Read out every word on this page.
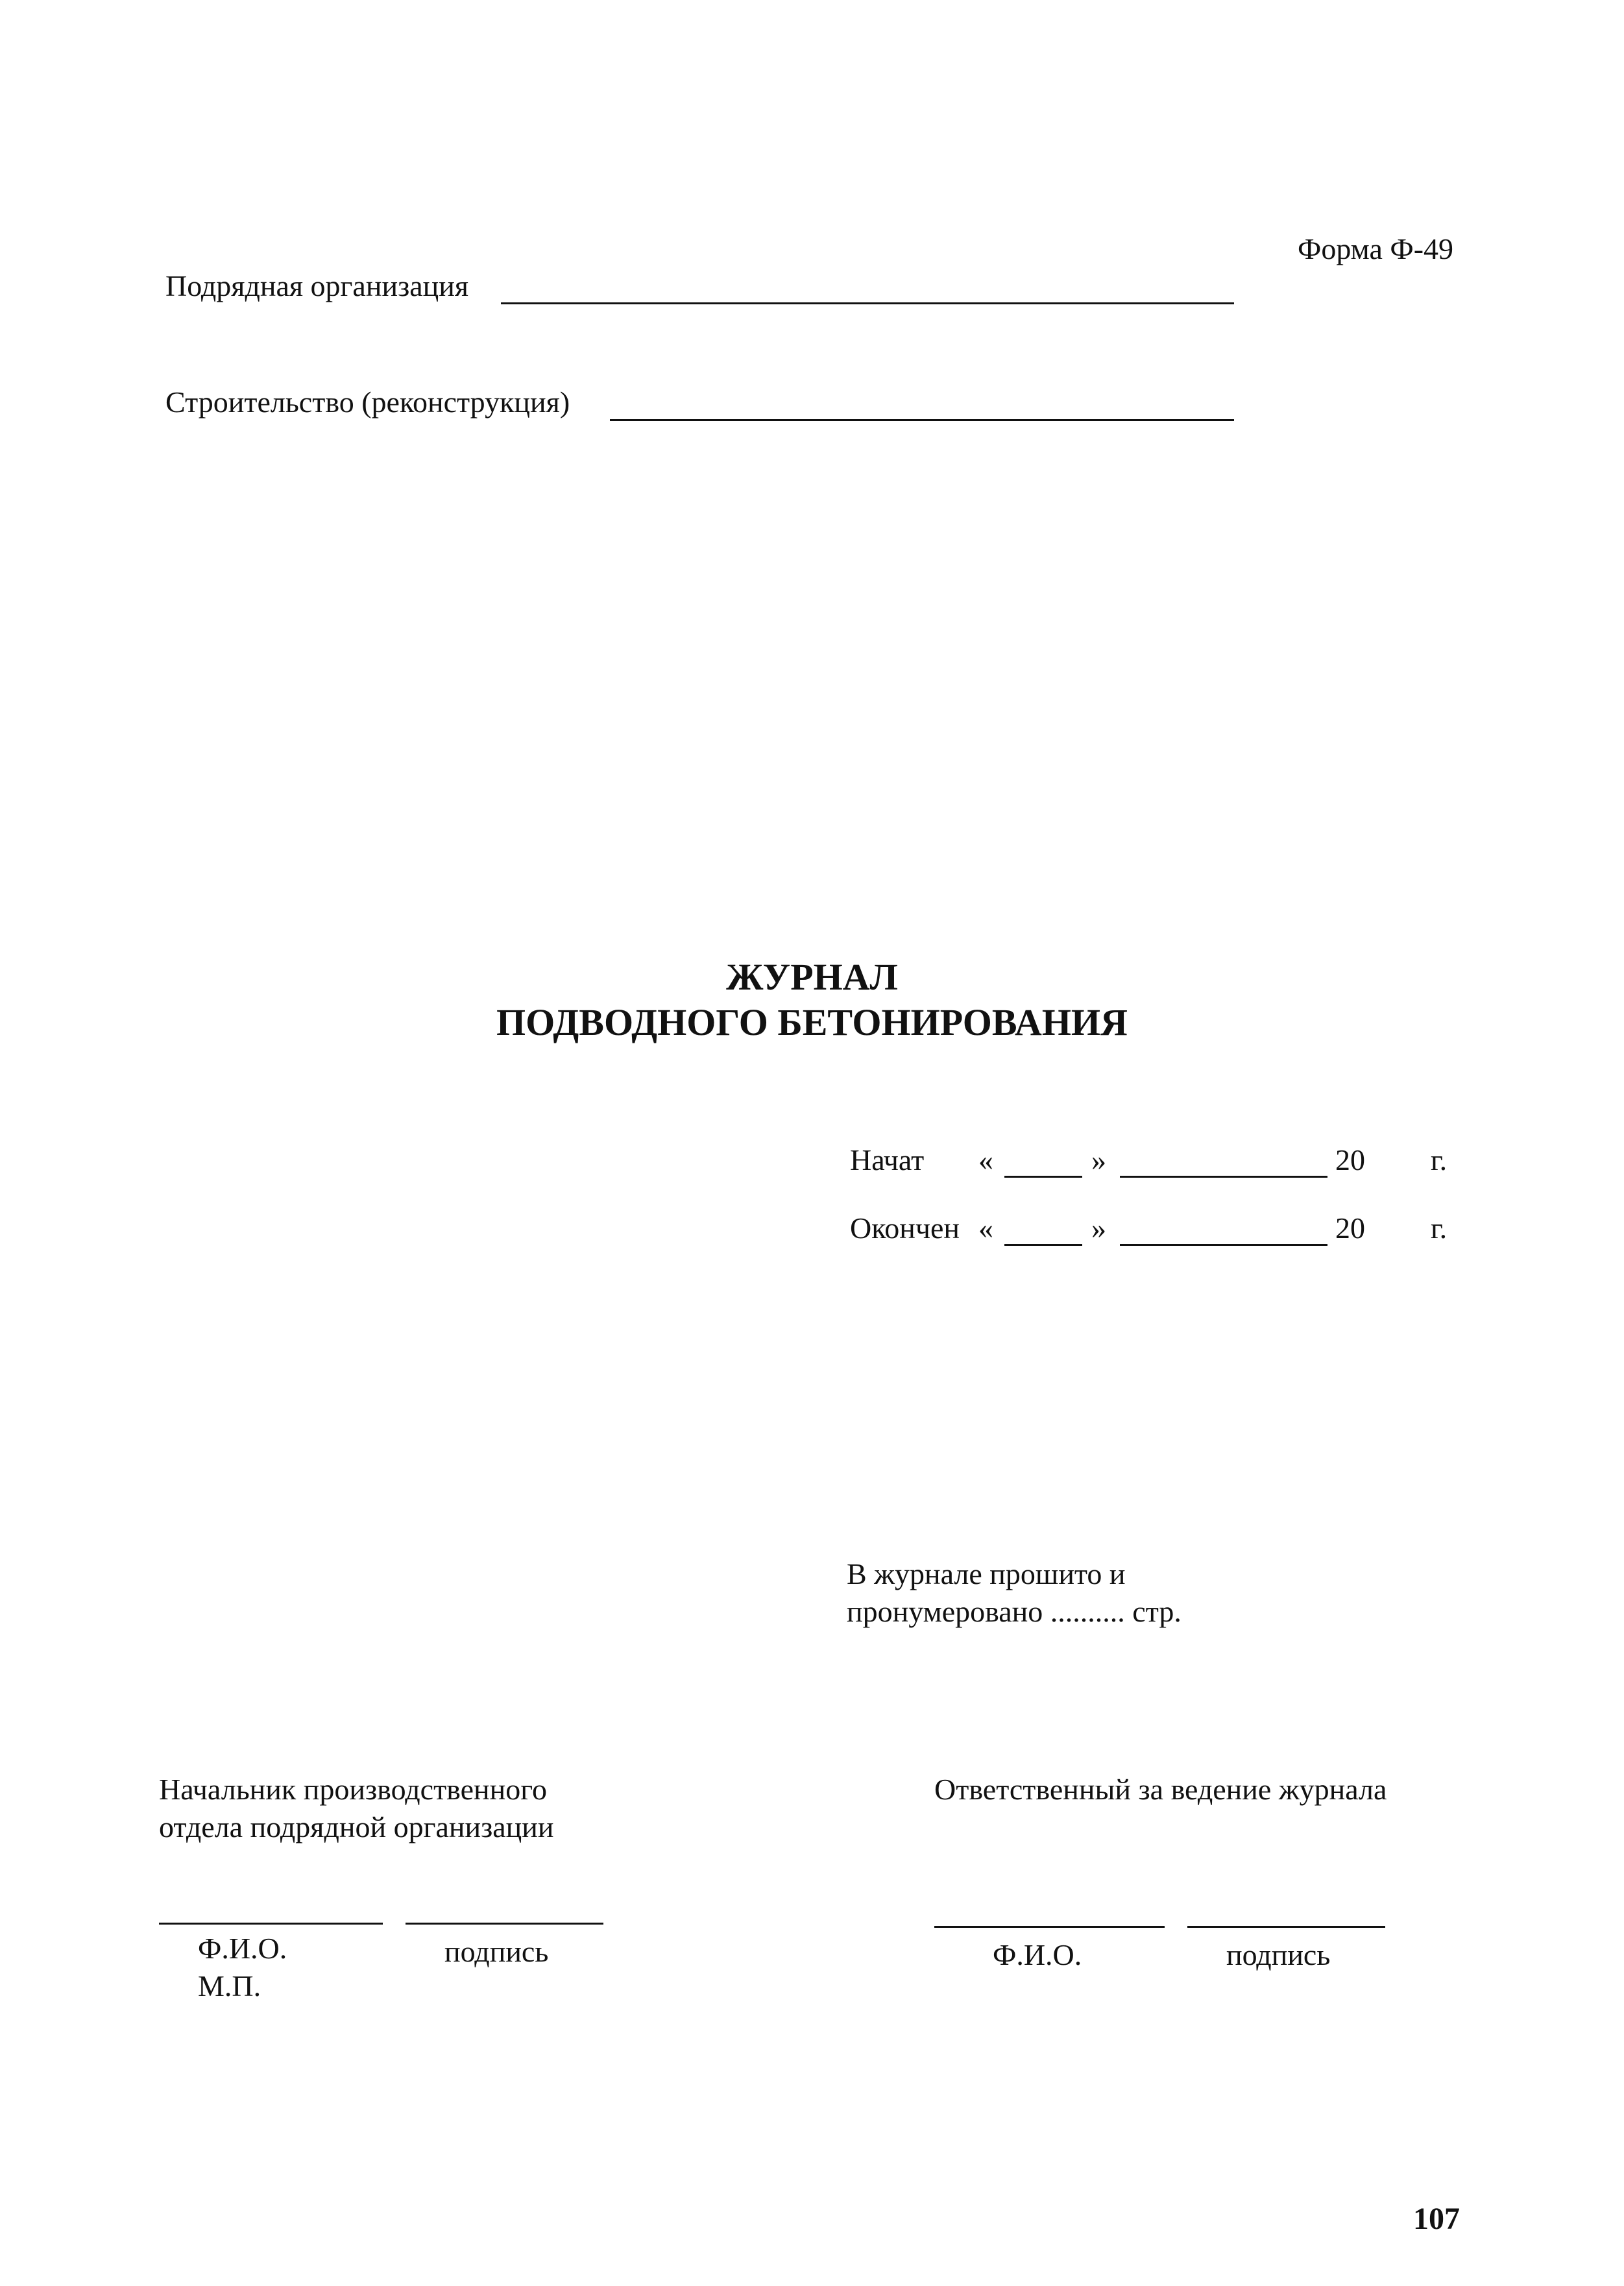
Форма Ф-49
Подрядная организация
Строительство (реконструкция)
ЖУРНАЛ
ПОДВОДНОГО БЕТОНИРОВАНИЯ
Начат «	»	20 г.
Окончен «	»	20 г.
В журнале прошито и
пронумеровано .......... стр.
Начальник производственного
отдела подрядной организации
Ф.И.О.	подпись
М.П.
Ответственный за ведение журнала
Ф.И.О.	подпись
107
